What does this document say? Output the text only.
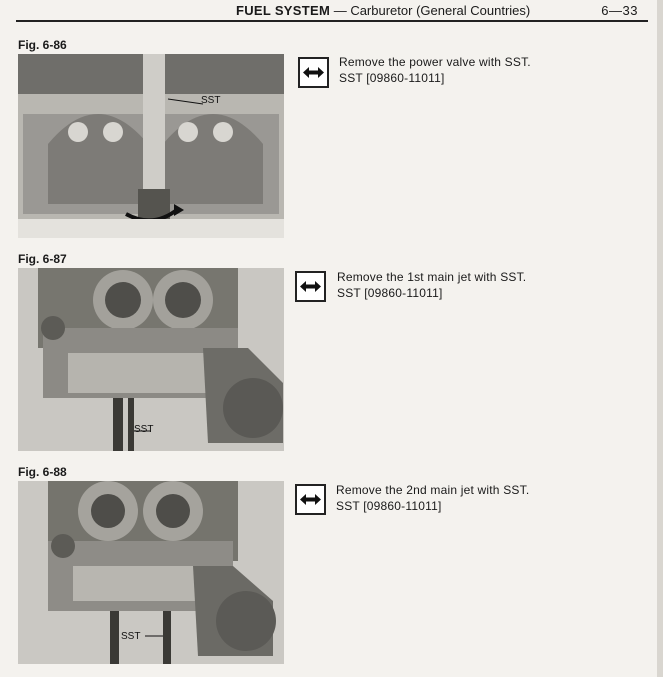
FUEL SYSTEM — Carburetor (General Countries)	6—33
Fig. 6-86
SST
Remove the power valve with SST.
SST [09860-11011]
Fig. 6-87
SST
Remove the 1st main jet with SST.
SST [09860-11011]
Fig. 6-88
SST
Remove the 2nd main jet with SST.
SST [09860-11011]
